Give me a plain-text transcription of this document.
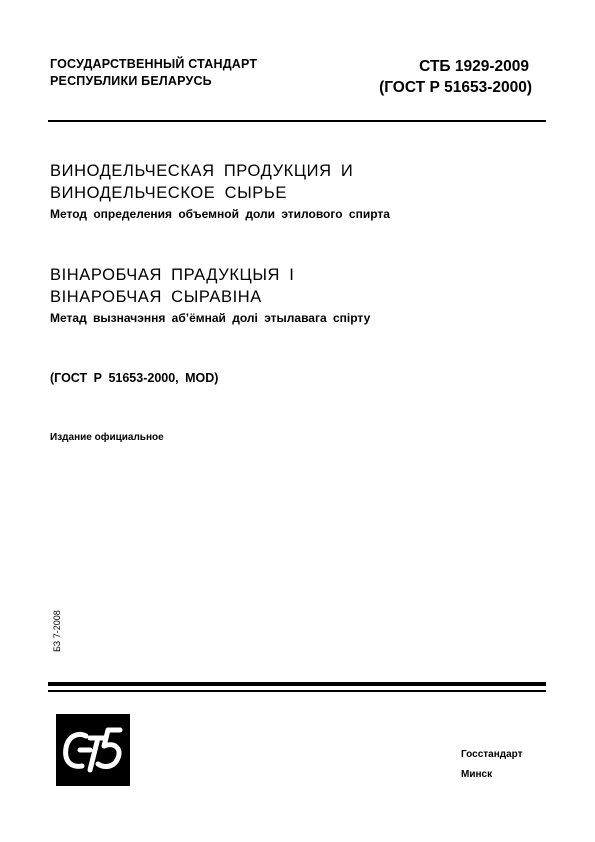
ГОСУДАРСТВЕННЫЙ СТАНДАРТ
РЕСПУБЛИКИ БЕЛАРУСЬ
СТБ 1929-2009
(ГОСТ Р 51653-2000)
ВИНОДЕЛЬЧЕСКАЯ ПРОДУКЦИЯ И
ВИНОДЕЛЬЧЕСКОЕ СЫРЬЕ
Метод определения объемной доли этилового спирта
ВІНАРОБЧАЯ ПРАДУКЦЫЯ І
ВІНАРОБЧАЯ СЫРАВІНА
Метад вызначэння аб’ёмнай долі этылавага спірту
(ГОСТ Р 51653-2000, MOD)
Издание официальное
БЗ 7-2008
Госстандарт
Минск
